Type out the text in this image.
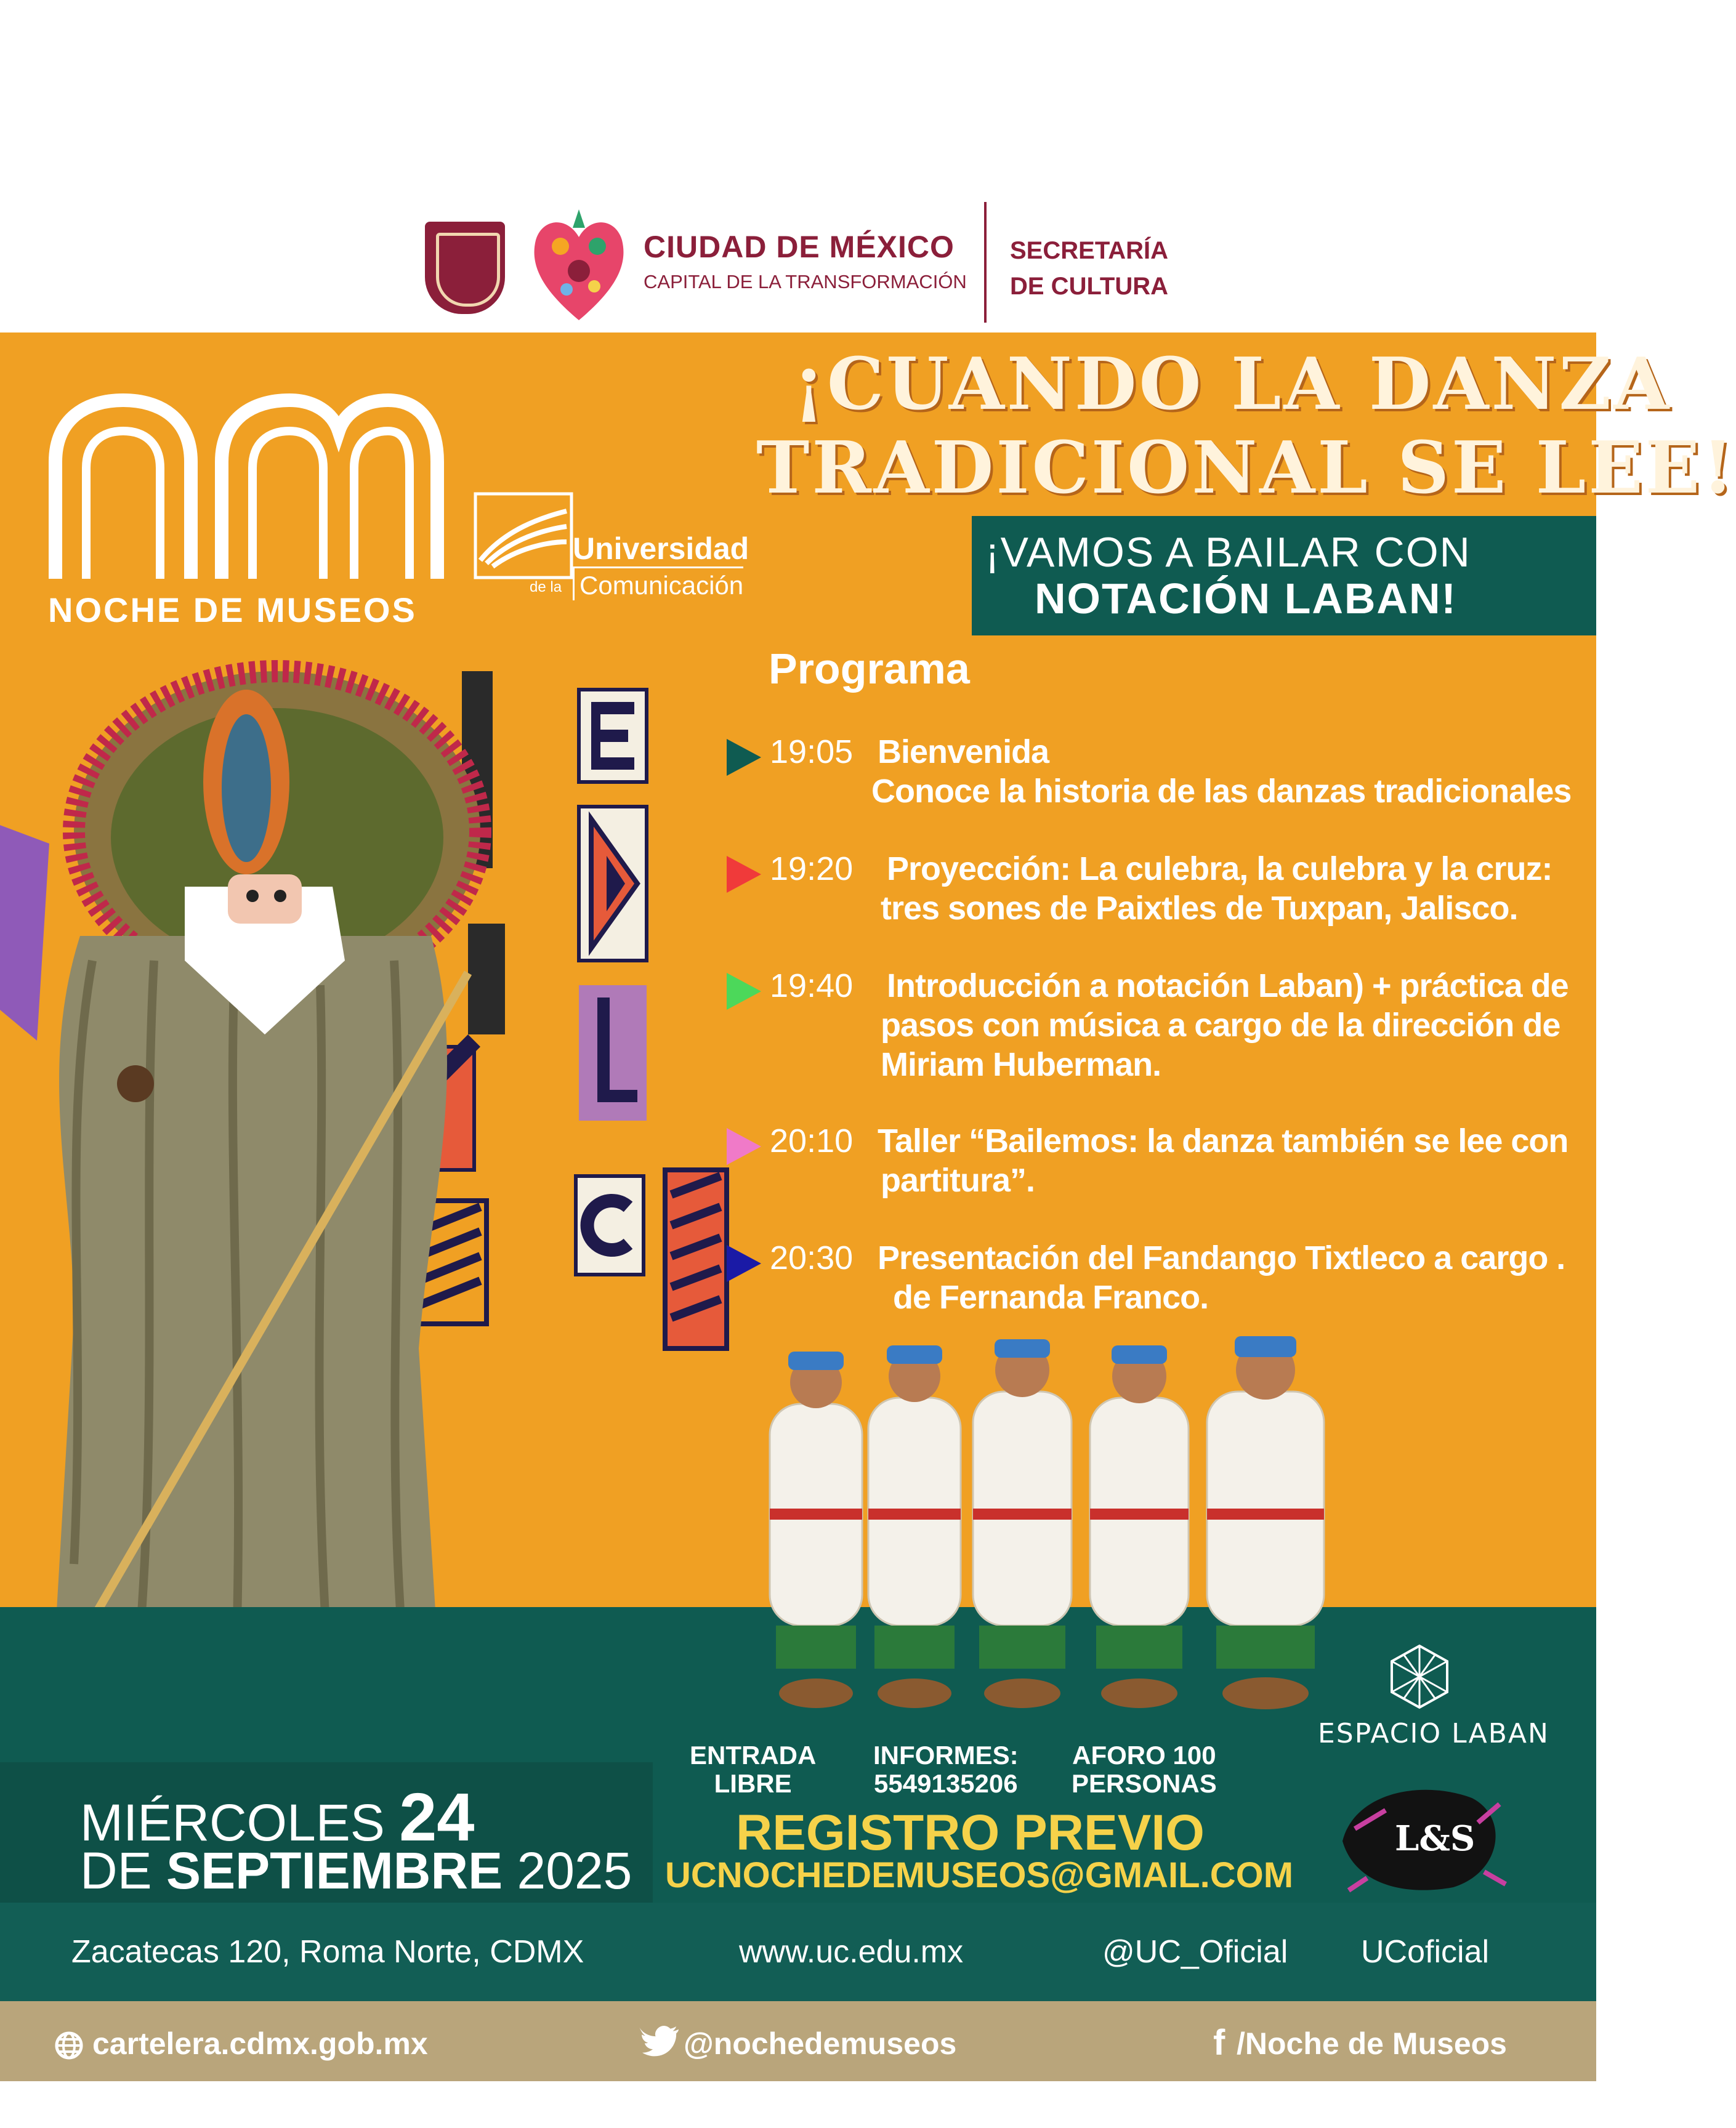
CIUDAD DE MÉXICO
CAPITAL DE LA TRANSFORMACIÓN
SECRETARÍA
DE CULTURA
NOCHE DE MUSEOS
Universidad
de la Comunicación
¡CUANDO LA DANZA
TRADICIONAL SE LEE!
¡VAMOS A BAILAR CON
NOTACIÓN LABAN!
Programa
19:05 Bienvenida
Conoce la historia de las danzas tradicionales
19:20 Proyección: La culebra, la culebra y la cruz:
tres sones de Paixtles de Tuxpan, Jalisco.
19:40 Introducción a notación Laban) + práctica de
pasos con música a cargo de la dirección de
Miriam Huberman.
20:10 Taller “Bailemos: la danza también se lee con
partitura”.
20:30 Presentación del Fandango Tixtleco a cargo .
de Fernanda Franco.
MIÉRCOLES 24
DE SEPTIEMBRE 2025
ENTRADA
LIBRE
INFORMES:
5549135206
AFORO 100
PERSONAS
REGISTRO PREVIO
UCNOCHEDEMUSEOS@GMAIL.COM
ESPACIO LABAN
L&S
Zacatecas 120, Roma Norte, CDMX	www.uc.edu.mx	@UC_Oficial UCoficial
cartelera.cdmx.gob.mx	@nochedemuseos	f /Noche de Museos
